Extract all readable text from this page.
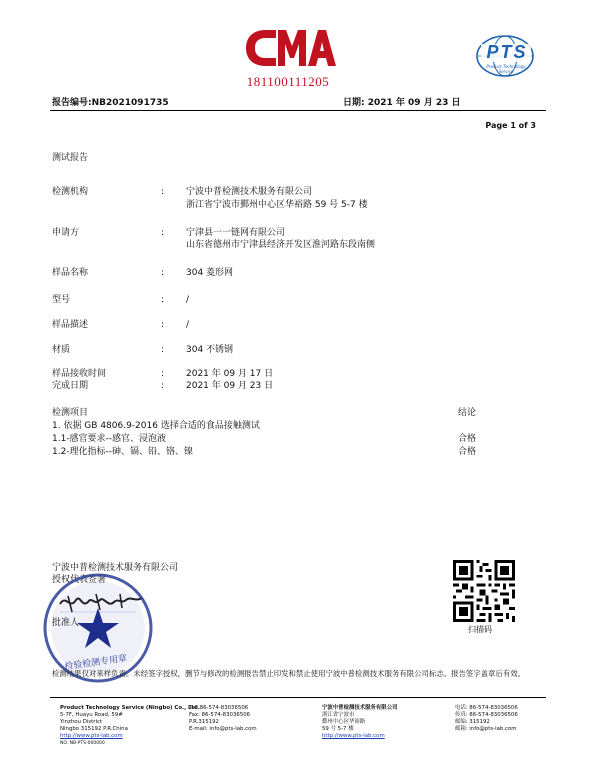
181100111205
PTS
Product Technology Service
报告编号:NB2021091735	日期: 2021 年 09 月 23 日
Page 1 of 3
测试报告
检测机构	: 宁波中普检测技术服务有限公司
浙江省宁波市鄞州中心区华裕路 59 号 5-7 楼
申请方	: 宁津县一一链网有限公司
山东省德州市宁津县经济开发区淮河路东段南侧
样品名称	: 304 菱形网
型号	: /
样品描述	: /
材质	: 304 不锈钢
样品接收时间	: 2021 年 09 月 17 日
完成日期	: 2021 年 09 月 23 日
检测项目	结论
1. 依据 GB 4806.9-2016 选择合适的食品接触测试
1.1-感官要求--感官、浸泡液	合格
1.2-理化指标--砷、镉、铅、铬、镍	合格
宁波中普检测技术服务有限公司
授权代表签署
检验检测专用章
批准人
扫描码
检测结果仅对来样负责。未经签字授权，删节与修改的检测报告禁止印发和禁止使用宁波中普检测技术服务有限公司标志。报告签字盖章后有效。
Product Technology Service (Ningbo) Co., Ltd.
5-7F, Huayu Road, 59#
Yinzhou District
Ningbo 315192 P.R.China
http://www.pts-lab.com
NO. NB-PTS-000000
Tel: 86-574-83036506
Fax: 86-574-83036506
P.R.315192
E-mail: info@pts-lab.com
宁波中普检测技术服务有限公司
浙江省宁波市
鄞州中心区华裕路
59 号 5-7 楼
http://www.pts-lab.com
电话: 86-574-83036506
传真: 86-574-83036506
邮编: 315192
邮箱: info@pts-lab.com
